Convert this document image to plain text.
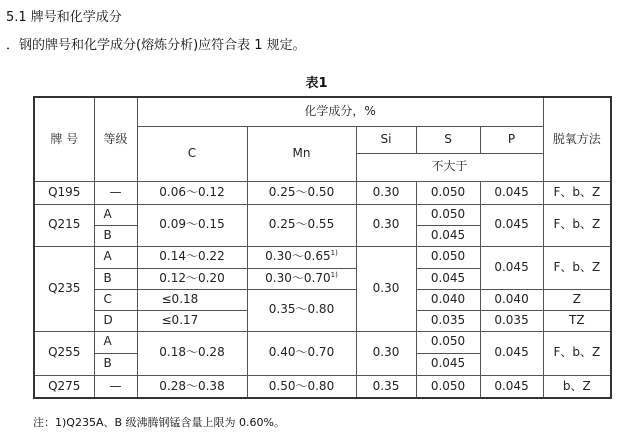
5.1 牌号和化学成分
．钢的牌号和化学成分(熔炼分析)应符合表 1 规定。
表1
牌 号	等级	化学成分，%					脱氧方法
		C	Mn	Si	S	P	
				不大于			
Q195	—	0.06～0.12	0.25～0.50	0.30	0.050	0.045	F、b、Z
Q215	A	0.09～0.15	0.25～0.55	0.30	0.050	0.045	F、b、Z
	B				0.045		
Q235	A	0.14～0.22	0.30～0.65$^{1)}$	0.30	0.050	0.045	F、b、Z
	B	0.12～0.20	0.30～0.70$^{1)}$		0.045		
	C	≤0.18	0.35～0.80		0.040	0.040	Z
	D	≤0.17			0.035	0.035	TZ
Q255	A	0.18～0.28	0.40～0.70	0.30	0.050	0.045	F、b、Z
	B				0.045		
Q275	—	0.28～0.38	0.50～0.80	0.35	0.050	0.045	b、Z
注：1)Q235A、B 级沸腾钢锰含量上限为 0.60%。
